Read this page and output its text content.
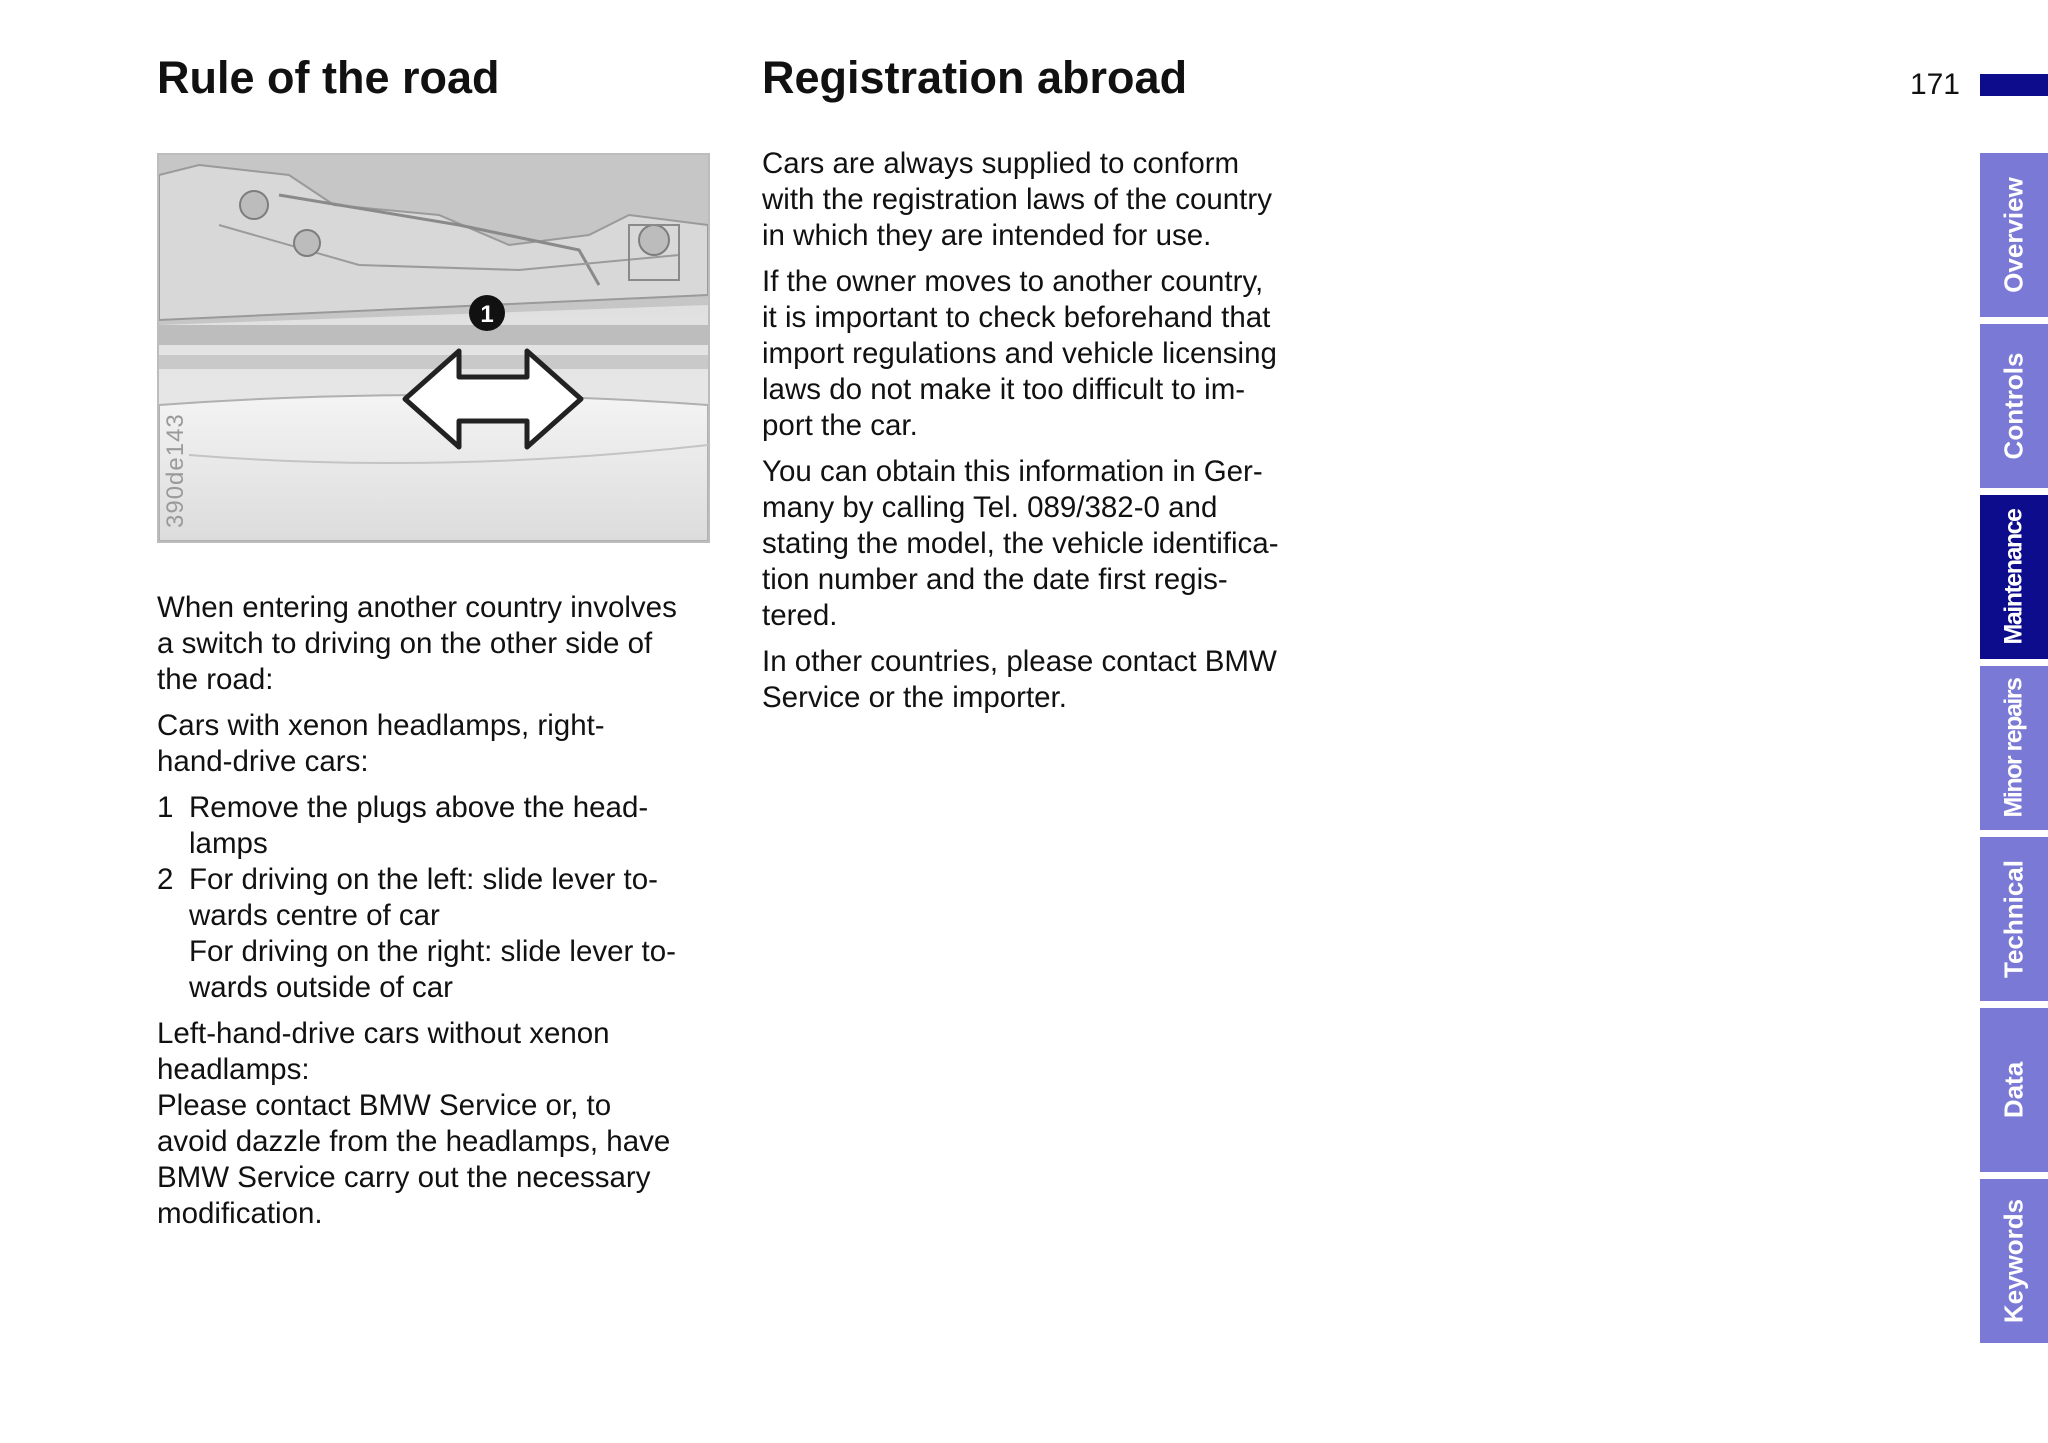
Rule of the road	Registration abroad	171
1
390de143

When entering another country involves
a switch to driving on the other side of
the road:

Cars with xenon headlamps, right-
hand-drive cars:

1 Remove the plugs above the head-
lamps
2 For driving on the left: slide lever to-
wards centre of car
For driving on the right: slide lever to-
wards outside of car

Left-hand-drive cars without xenon
headlamps:
Please contact BMW Service or, to
avoid dazzle from the headlamps, have
BMW Service carry out the necessary
modification.

Cars are always supplied to conform
with the registration laws of the country
in which they are intended for use.

If the owner moves to another country,
it is important to check beforehand that
import regulations and vehicle licensing
laws do not make it too difficult to im-
port the car.

You can obtain this information in Ger-
many by calling Tel. 089/382-0 and
stating the model, the vehicle identifica-
tion number and the date first regis-
tered.

In other countries, please contact BMW
Service or the importer.

Overview
Controls
Maintenance
Minor repairs
Technical
Data
Keywords
